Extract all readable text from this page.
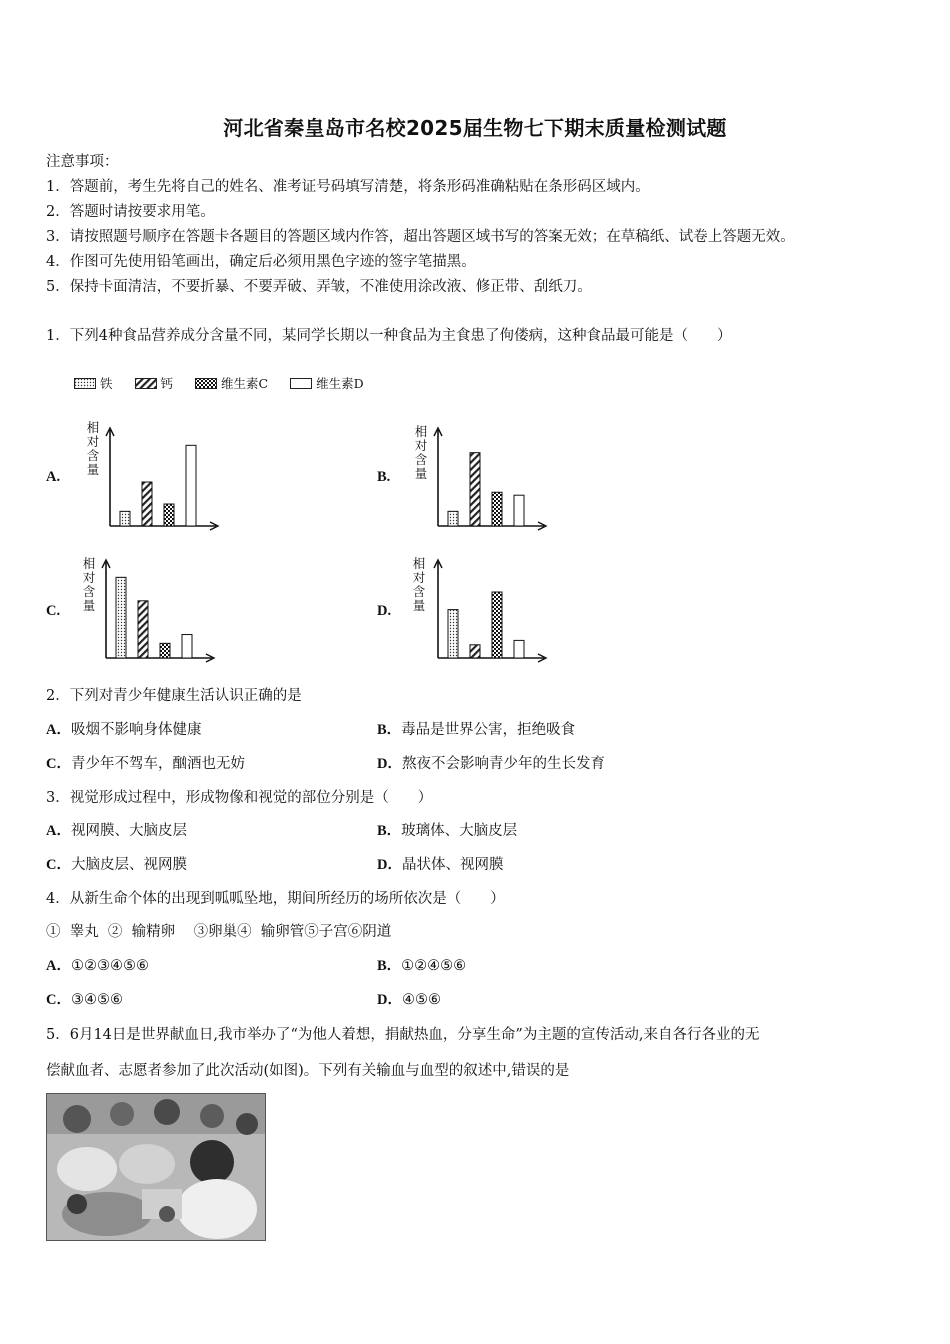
河北省秦皇岛市名校2025届生物七下期末质量检测试题
注意事项：
1．答题前，考生先将自己的姓名、准考证号码填写清楚，将条形码准确粘贴在条形码区域内。
2．答题时请按要求用笔。
3．请按照题号顺序在答题卡各题目的答题区域内作答，超出答题区域书写的答案无效；在草稿纸、试卷上答题无效。
4．作图可先使用铅笔画出，确定后必须用黑色字迹的签字笔描黑。
5．保持卡面清洁，不要折暴、不要弄破、弄皱，不准使用涂改液、修正带、刮纸刀。
1．下列4种食品营养成分含量不同，某同学长期以一种食品为主食患了佝偻病，这种食品最可能是（　　）
铁	钙	维生素C	维生素D
A.	B.
C.	D.
相
对
含
量
相
对
含
量
相
对
含
量
相
对
含
量
2．下列对青少年健康生活认识正确的是
A．吸烟不影响身体健康	B．毒品是世界公害，拒绝吸食
C．青少年不驾车，酗酒也无妨	D．熬夜不会影响青少年的生长发育
3．视觉形成过程中，形成物像和视觉的部位分别是（　　）
A．视网膜、大脑皮层	B．玻璃体、大脑皮层
C．大脑皮层、视网膜	D．晶状体、视网膜
4．从新生命个体的出现到呱呱坠地，期间所经历的场所依次是（　　）
①  睾丸  ②  输精卵    ③卵巢④  输卵管⑤子宫⑥阴道
A．①②③④⑤⑥	B．①②④⑤⑥
C．③④⑤⑥	D．④⑤⑥
5．6月14日是世界献血日,我市举办了“为他人着想，捐献热血，分享生命”为主题的宣传活动,来自各行各业的无
偿献血者、志愿者参加了此次活动(如图)。下列有关输血与血型的叙述中,错误的是
